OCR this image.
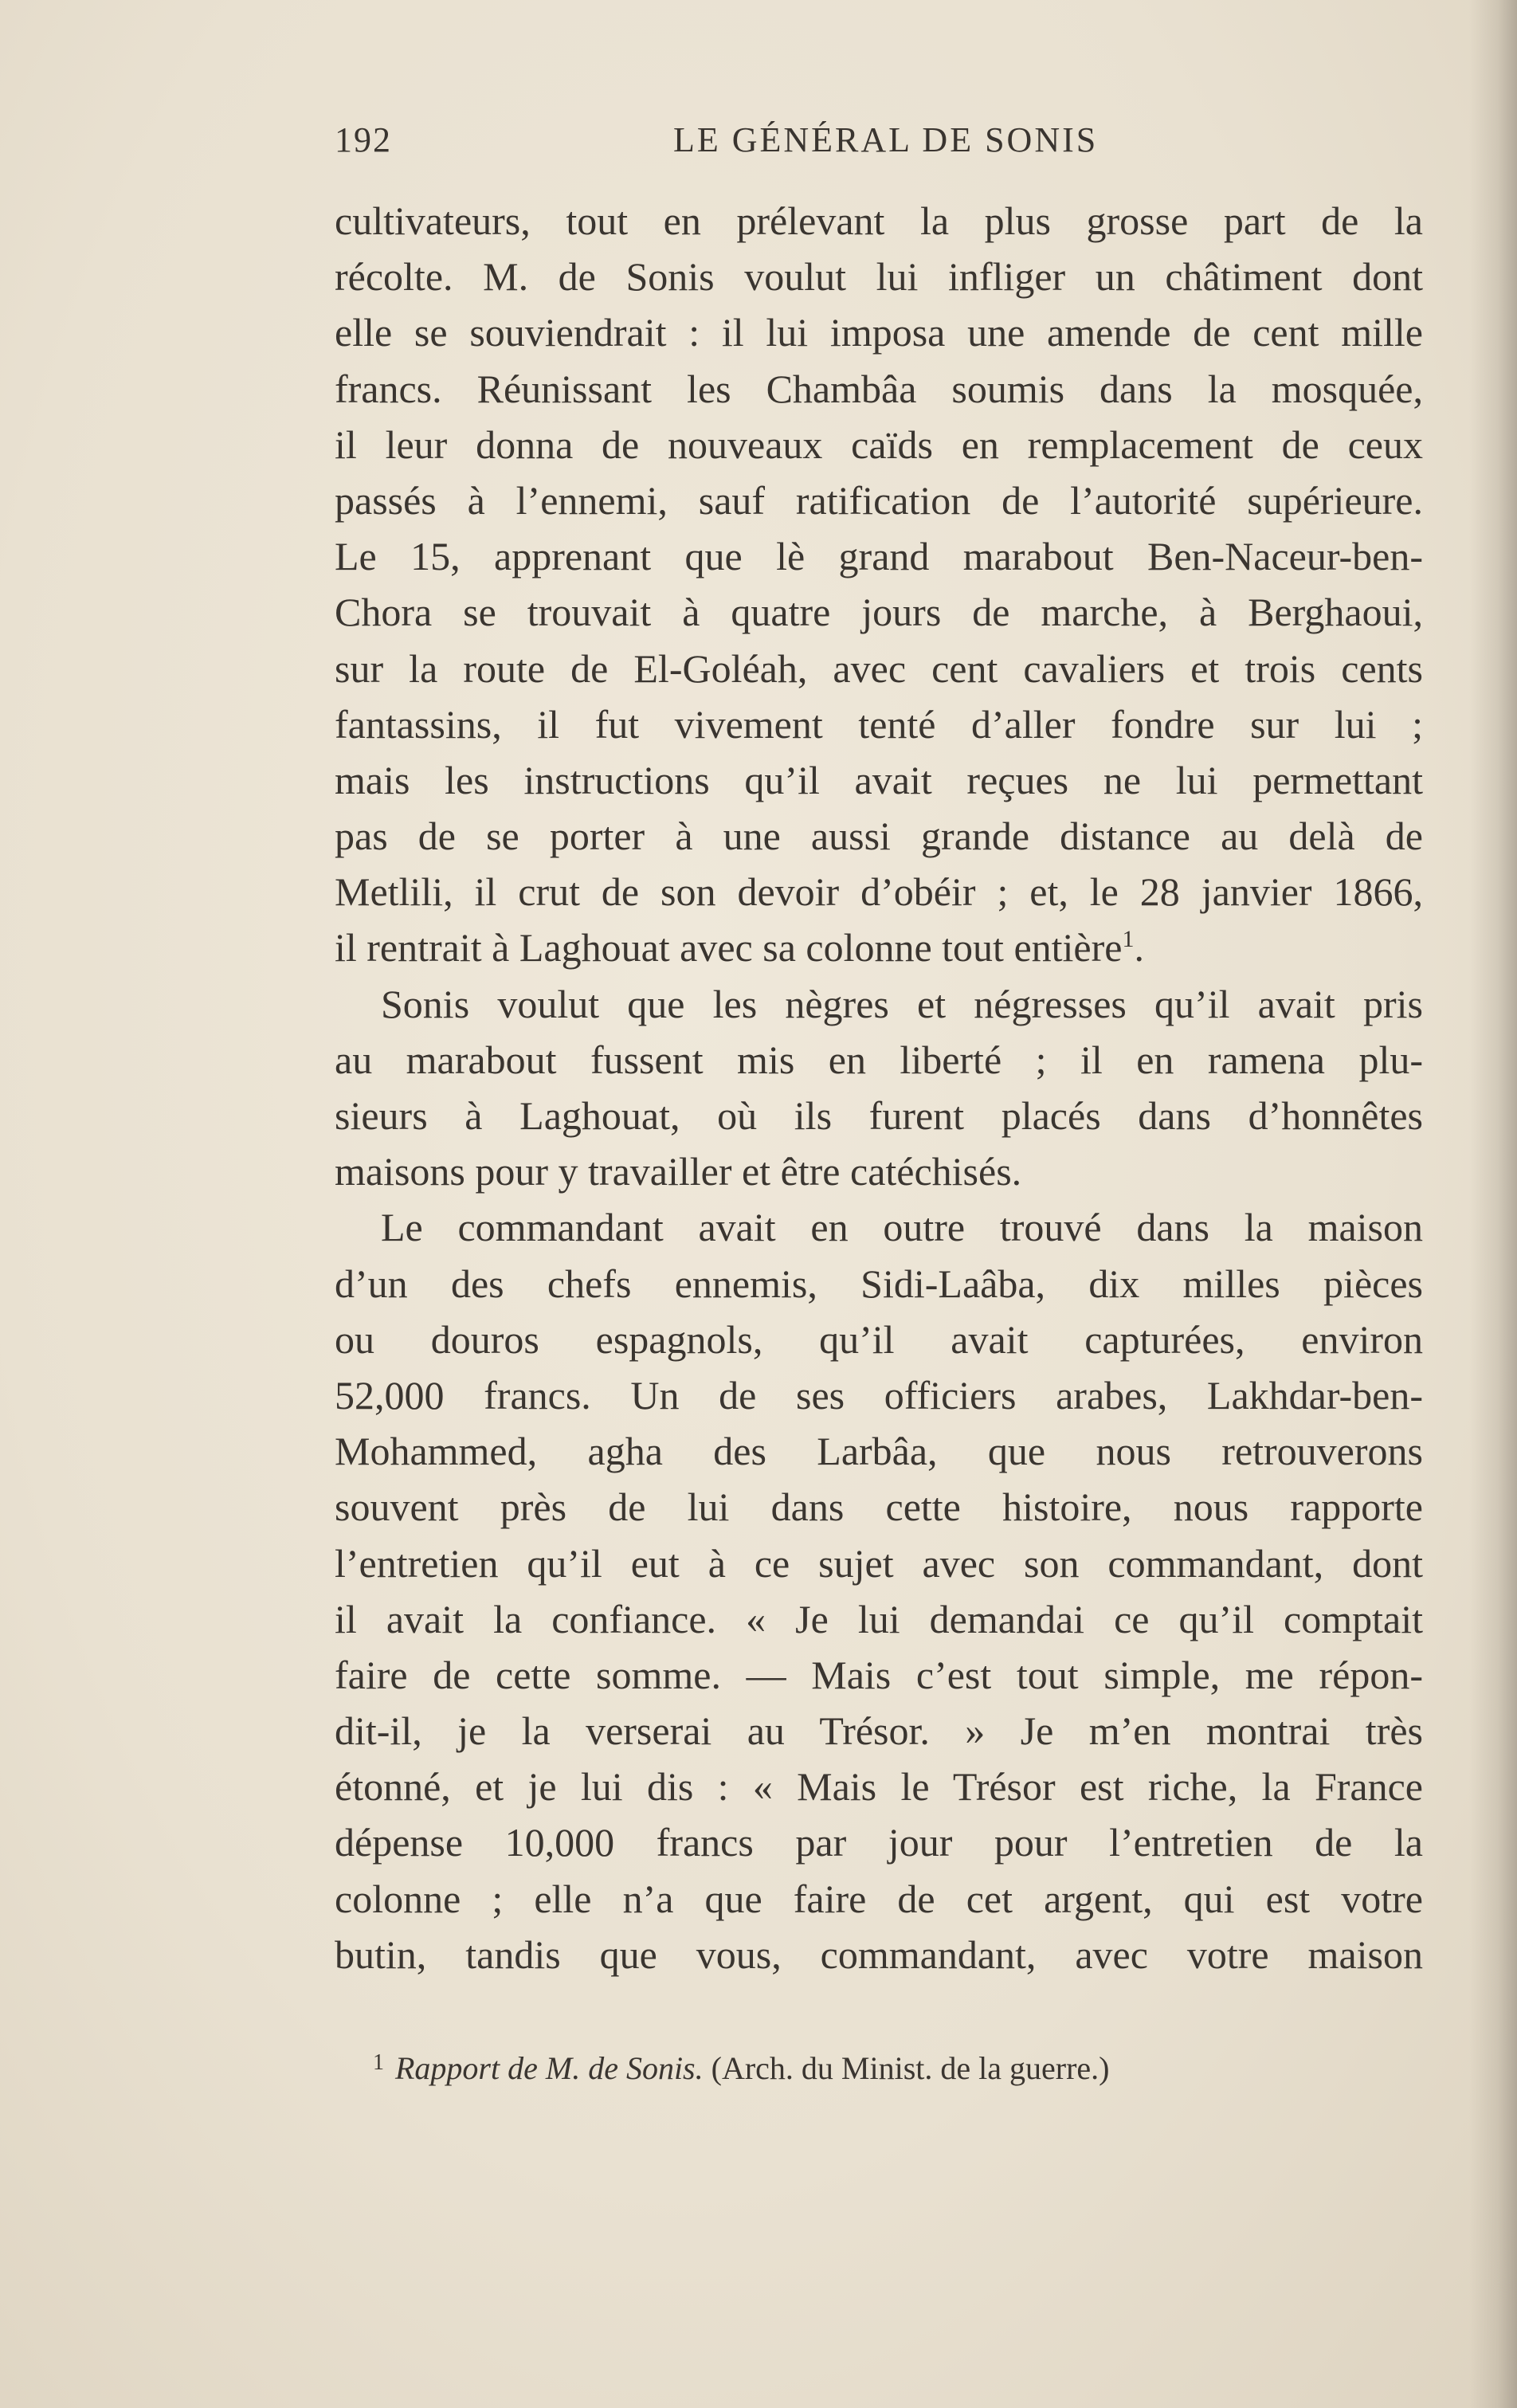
192	LE GÉNÉRAL DE SONIS
cultivateurs, tout en prélevant la plus grosse part de la
récolte. M. de Sonis voulut lui infliger un châtiment dont
elle se souviendrait : il lui imposa une amende de cent mille
francs. Réunissant les Chambâa soumis dans la mosquée,
il leur donna de nouveaux caïds en remplacement de ceux
passés à l’ennemi, sauf ratification de l’autorité supérieure.
Le 15, apprenant que lè grand marabout Ben-Naceur-ben-
Chora se trouvait à quatre jours de marche, à Berghaoui,
sur la route de El-Goléah, avec cent cavaliers et trois cents
fantassins, il fut vivement tenté d’aller fondre sur lui ;
mais les instructions qu’il avait reçues ne lui permettant
pas de se porter à une aussi grande distance au delà de
Metlili, il crut de son devoir d’obéir ; et, le 28 janvier 1866,
il rentrait à Laghouat avec sa colonne tout entière$^1$.
Sonis voulut que les nègres et négresses qu’il avait pris
au marabout fussent mis en liberté ; il en ramena plu-
sieurs à Laghouat, où ils furent placés dans d’honnêtes
maisons pour y travailler et être catéchisés.
Le commandant avait en outre trouvé dans la maison
d’un des chefs ennemis, Sidi-Laâba, dix milles pièces
ou douros espagnols, qu’il avait capturées, environ
52,000 francs. Un de ses officiers arabes, Lakhdar-ben-
Mohammed, agha des Larbâa, que nous retrouverons
souvent près de lui dans cette histoire, nous rapporte
l’entretien qu’il eut à ce sujet avec son commandant, dont
il avait la confiance. « Je lui demandai ce qu’il comptait
faire de cette somme. — Mais c’est tout simple, me répon-
dit-il, je la verserai au Trésor. » Je m’en montrai très
étonné, et je lui dis : « Mais le Trésor est riche, la France
dépense 10,000 francs par jour pour l’entretien de la
colonne ; elle n’a que faire de cet argent, qui est votre
butin, tandis que vous, commandant, avec votre maison
$^1$ Rapport de M. de Sonis. (Arch. du Minist. de la guerre.)
